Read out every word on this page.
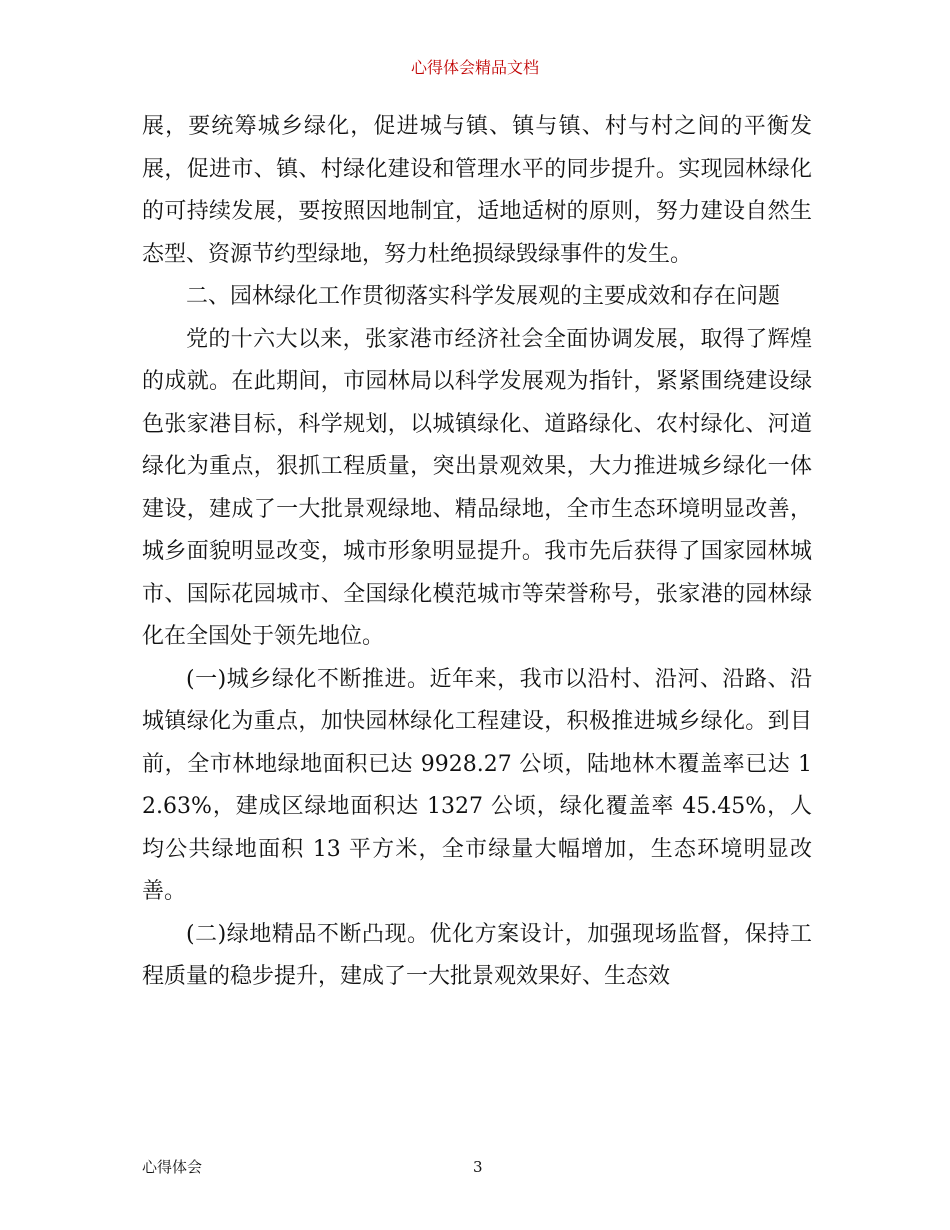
心得体会精品文档

展，要统筹城乡绿化，促进城与镇、镇与镇、村与村之间的平衡发展，促进市、镇、村绿化建设和管理水平的同步提升。实现园林绿化的可持续发展，要按照因地制宜，适地适树的原则，努力建设自然生态型、资源节约型绿地，努力杜绝损绿毁绿事件的发生。

二、园林绿化工作贯彻落实科学发展观的主要成效和存在问题

党的十六大以来，张家港市经济社会全面协调发展，取得了辉煌的成就。在此期间，市园林局以科学发展观为指针，紧紧围绕建设绿色张家港目标，科学规划，以城镇绿化、道路绿化、农村绿化、河道绿化为重点，狠抓工程质量，突出景观效果，大力推进城乡绿化一体建设，建成了一大批景观绿地、精品绿地，全市生态环境明显改善，城乡面貌明显改变，城市形象明显提升。我市先后获得了国家园林城市、国际花园城市、全国绿化模范城市等荣誉称号，张家港的园林绿化在全国处于领先地位。

(一)城乡绿化不断推进。近年来，我市以沿村、沿河、沿路、沿城镇绿化为重点，加快园林绿化工程建设，积极推进城乡绿化。到目前，全市林地绿地面积已达 9928.27 公顷，陆地林木覆盖率已达 12.63%，建成区绿地面积达 1327 公顷，绿化覆盖率 45.45%，人均公共绿地面积 13 平方米，全市绿量大幅增加，生态环境明显改善。

(二)绿地精品不断凸现。优化方案设计，加强现场监督，保持工程质量的稳步提升，建成了一大批景观效果好、生态效

心得体会	3
